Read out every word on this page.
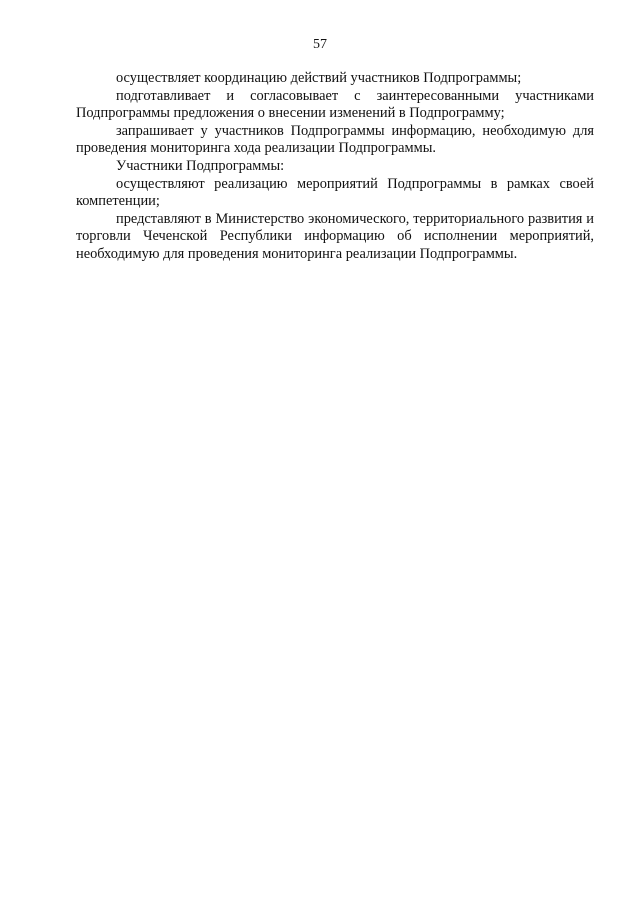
57

осуществляет координацию действий участников Подпрограммы;

подготавливает и согласовывает с заинтересованными участниками Подпрограммы предложения о внесении изменений в Подпрограмму;

запрашивает у участников Подпрограммы информацию, необходимую для проведения мониторинга хода реализации Подпрограммы.

Участники Подпрограммы:

осуществляют реализацию мероприятий Подпрограммы в рамках своей компетенции;

представляют в Министерство экономического, территориального развития и торговли Чеченской Республики информацию об исполнении мероприятий, необходимую для проведения мониторинга реализации Подпрограммы.
